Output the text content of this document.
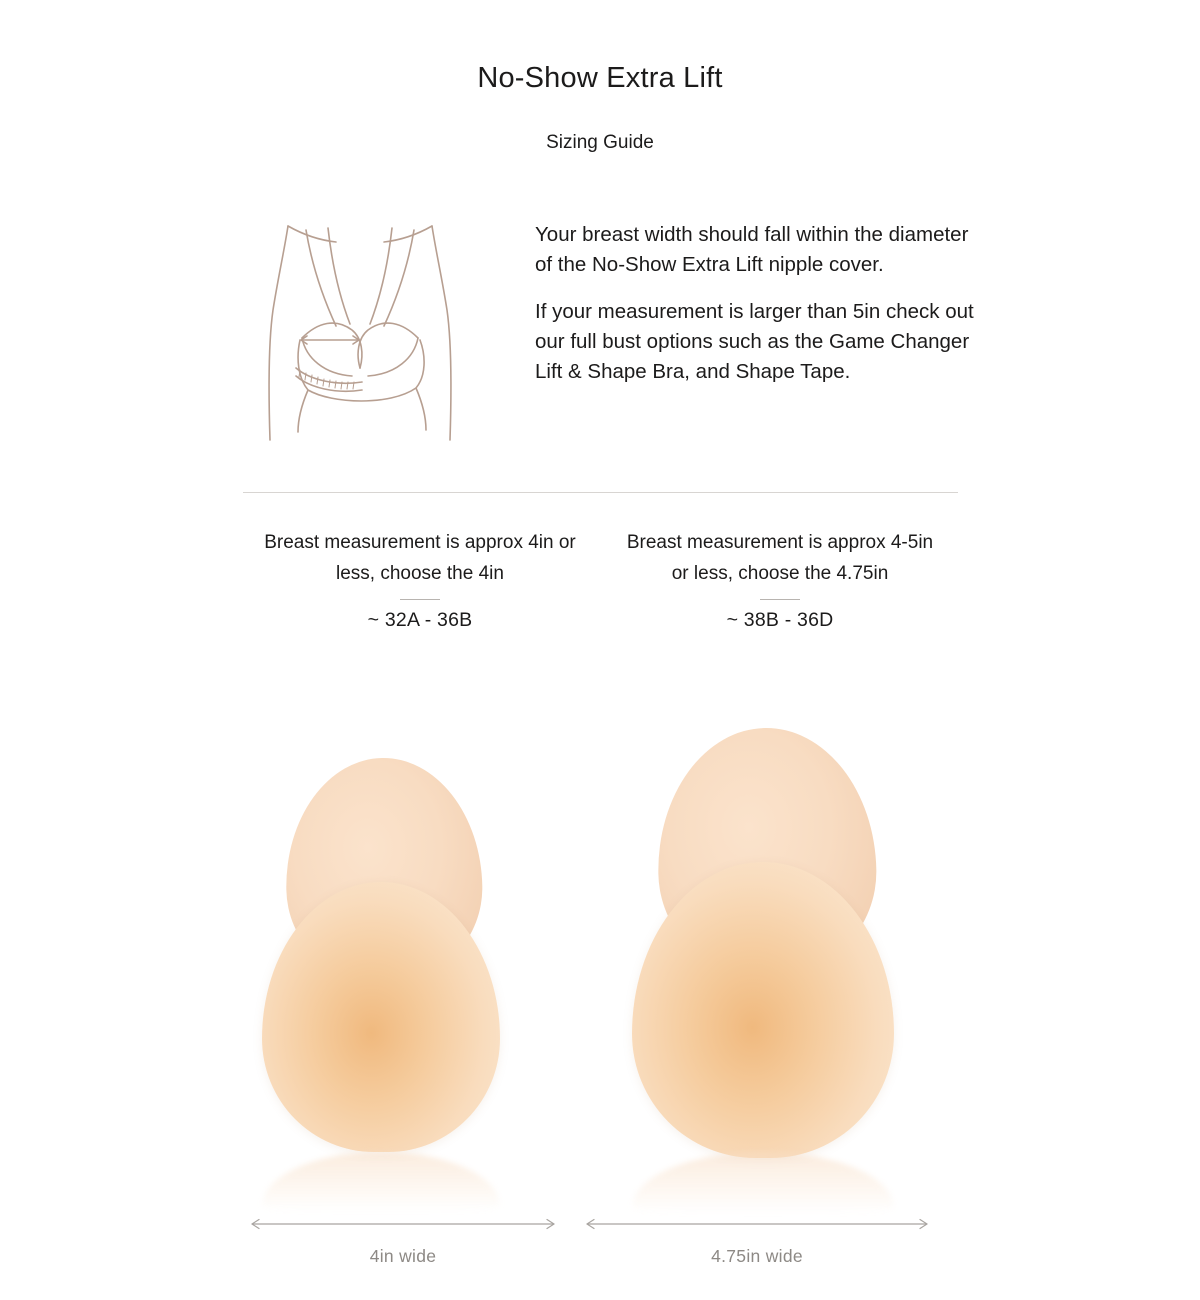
No-Show Extra Lift
Sizing Guide

Your breast width should fall within the diameter of the No-Show Extra Lift nipple cover.

If your measurement is larger than 5in check out our full bust options such as the Game Changer Lift & Shape Bra, and Shape Tape.

Breast measurement is approx 4in or less, choose the 4in
~ 32A - 36B
Breast measurement is approx 4-5in or less, choose the 4.75in
~ 38B - 36D
4in wide	4.75in wide
